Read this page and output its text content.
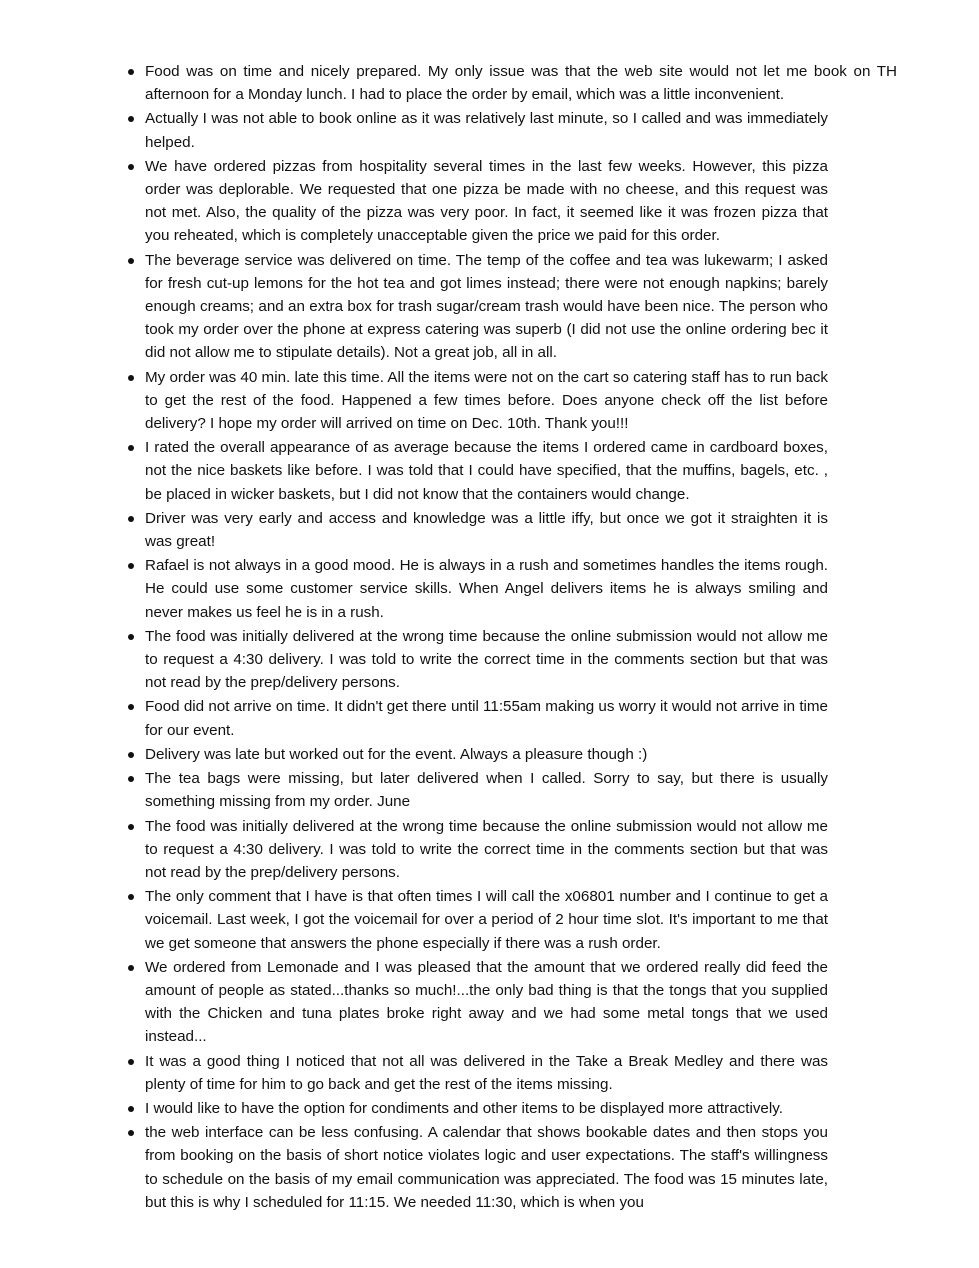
Food was on time and nicely prepared. My only issue was that the web site would not let me book on TH afternoon for a Monday lunch. I had to place the order by email, which was a little inconvenient.
Actually I was not able to book online as it was relatively last minute, so I called and was immediately helped.
We have ordered pizzas from hospitality several times in the last few weeks. However, this pizza order was deplorable. We requested that one pizza be made with no cheese, and this request was not met. Also, the quality of the pizza was very poor. In fact, it seemed like it was frozen pizza that you reheated, which is completely unacceptable given the price we paid for this order.
The beverage service was delivered on time. The temp of the coffee and tea was lukewarm; I asked for fresh cut-up lemons for the hot tea and got limes instead; there were not enough napkins; barely enough creams; and an extra box for trash sugar/cream trash would have been nice. The person who took my order over the phone at express catering was superb (I did not use the online ordering bec it did not allow me to stipulate details). Not a great job, all in all.
My order was 40 min. late this time. All the items were not on the cart so catering staff has to run back to get the rest of the food. Happened a few times before. Does anyone check off the list before delivery? I hope my order will arrived on time on Dec. 10th. Thank you!!!
I rated the overall appearance of as average because the items I ordered came in cardboard boxes, not the nice baskets like before. I was told that I could have specified, that the muffins, bagels, etc. , be placed in wicker baskets, but I did not know that the containers would change.
Driver was very early and access and knowledge was a little iffy, but once we got it straighten it is was great!
Rafael is not always in a good mood. He is always in a rush and sometimes handles the items rough. He could use some customer service skills. When Angel delivers items he is always smiling and never makes us feel he is in a rush.
The food was initially delivered at the wrong time because the online submission would not allow me to request a 4:30 delivery. I was told to write the correct time in the comments section but that was not read by the prep/delivery persons.
Food did not arrive on time. It didn't get there until 11:55am making us worry it would not arrive in time for our event.
Delivery was late but worked out for the event. Always a pleasure though :)
The tea bags were missing, but later delivered when I called. Sorry to say, but there is usually something missing from my order. June
The food was initially delivered at the wrong time because the online submission would not allow me to request a 4:30 delivery. I was told to write the correct time in the comments section but that was not read by the prep/delivery persons.
The only comment that I have is that often times I will call the x06801 number and I continue to get a voicemail. Last week, I got the voicemail for over a period of 2 hour time slot. It's important to me that we get someone that answers the phone especially if there was a rush order.
We ordered from Lemonade and I was pleased that the amount that we ordered really did feed the amount of people as stated...thanks so much!...the only bad thing is that the tongs that you supplied with the Chicken and tuna plates broke right away and we had some metal tongs that we used instead...
It was a good thing I noticed that not all was delivered in the Take a Break Medley and there was plenty of time for him to go back and get the rest of the items missing.
I would like to have the option for condiments and other items to be displayed more attractively.
the web interface can be less confusing. A calendar that shows bookable dates and then stops you from booking on the basis of short notice violates logic and user expectations. The staff's willingness to schedule on the basis of my email communication was appreciated. The food was 15 minutes late, but this is why I scheduled for 11:15. We needed 11:30, which is when you
